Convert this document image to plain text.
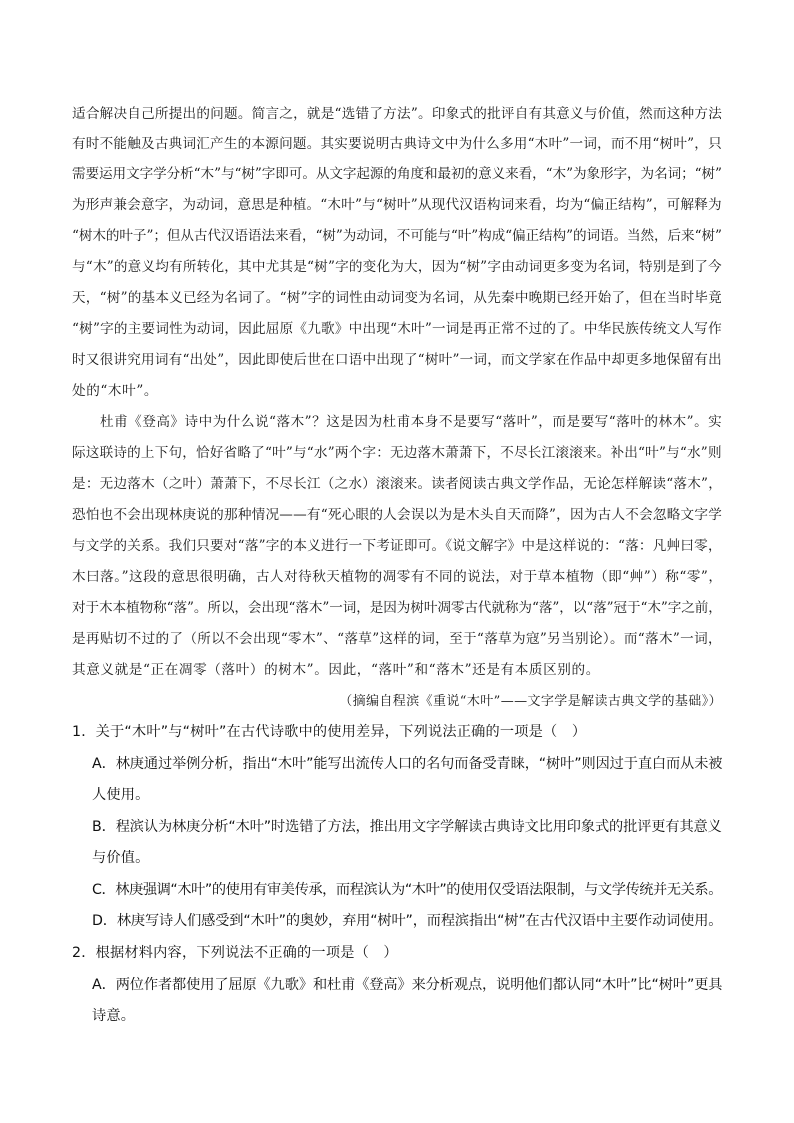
适合解决自己所提出的问题。简言之，就是“选错了方法”。印象式的批评自有其意义与价值，然而这种方法
有时不能触及古典词汇产生的本源问题。其实要说明古典诗文中为什么多用“木叶”一词，而不用“树叶”，只
需要运用文字学分析“木”与“树”字即可。从文字起源的角度和最初的意义来看，“木”为象形字，为名词；“树”
为形声兼会意字，为动词，意思是种植。“木叶”与“树叶”从现代汉语构词来看，均为“偏正结构”，可解释为
“树木的叶子”；但从古代汉语语法来看，“树”为动词，不可能与“叶”构成“偏正结构”的词语。当然，后来“树”
与“木”的意义均有所转化，其中尤其是“树”字的变化为大，因为“树”字由动词更多变为名词，特别是到了今
天，“树”的基本义已经为名词了。“树”字的词性由动词变为名词，从先秦中晚期已经开始了，但在当时毕竟
“树”字的主要词性为动词，因此屈原《九歌》中出现“木叶”一词是再正常不过的了。中华民族传统文人写作
时又很讲究用词有“出处”，因此即使后世在口语中出现了“树叶”一词，而文学家在作品中却更多地保留有出
处的“木叶”。
杜甫《登高》诗中为什么说“落木”？这是因为杜甫本身不是要写“落叶”，而是要写“落叶的林木”。实
际这联诗的上下句，恰好省略了“叶”与“水”两个字：无边落木萧萧下，不尽长江滚滚来。补出“叶”与“水”则
是：无边落木（之叶）萧萧下，不尽长江（之水）滚滚来。读者阅读古典文学作品，无论怎样解读“落木”，
恐怕也不会出现林庚说的那种情况——有“死心眼的人会误以为是木头自天而降”，因为古人不会忽略文字学
与文学的关系。我们只要对“落”字的本义进行一下考证即可。《说文解字》中是这样说的：“落：凡艸曰零，
木曰落。”这段的意思很明确，古人对待秋天植物的凋零有不同的说法，对于草本植物（即“艸”）称“零”，
对于木本植物称“落”。所以，会出现“落木”一词，是因为树叶凋零古代就称为“落”，以“落”冠于“木”字之前，
是再贴切不过的了（所以不会出现“零木”、“落草”这样的词，至于“落草为寇”另当别论）。而“落木”一词，
其意义就是“正在凋零（落叶）的树木”。因此，“落叶”和“落木”还是有本质区别的。
（摘编自程滨《重说“木叶”——文字学是解读古典文学的基础》）
1．关于“木叶”与“树叶”在古代诗歌中的使用差异，下列说法正确的一项是（　）
A．林庚通过举例分析，指出“木叶”能写出流传人口的名句而备受青睐，“树叶”则因过于直白而从未被
人使用。
B．程滨认为林庚分析“木叶”时选错了方法，推出用文字学解读古典诗文比用印象式的批评更有其意义
与价值。
C．林庚强调“木叶”的使用有审美传承，而程滨认为“木叶”的使用仅受语法限制，与文学传统并无关系。
D．林庚写诗人们感受到“木叶”的奥妙，弃用“树叶”，而程滨指出“树”在古代汉语中主要作动词使用。
2．根据材料内容，下列说法不正确的一项是（　）
A．两位作者都使用了屈原《九歌》和杜甫《登高》来分析观点，说明他们都认同“木叶”比“树叶”更具
诗意。
